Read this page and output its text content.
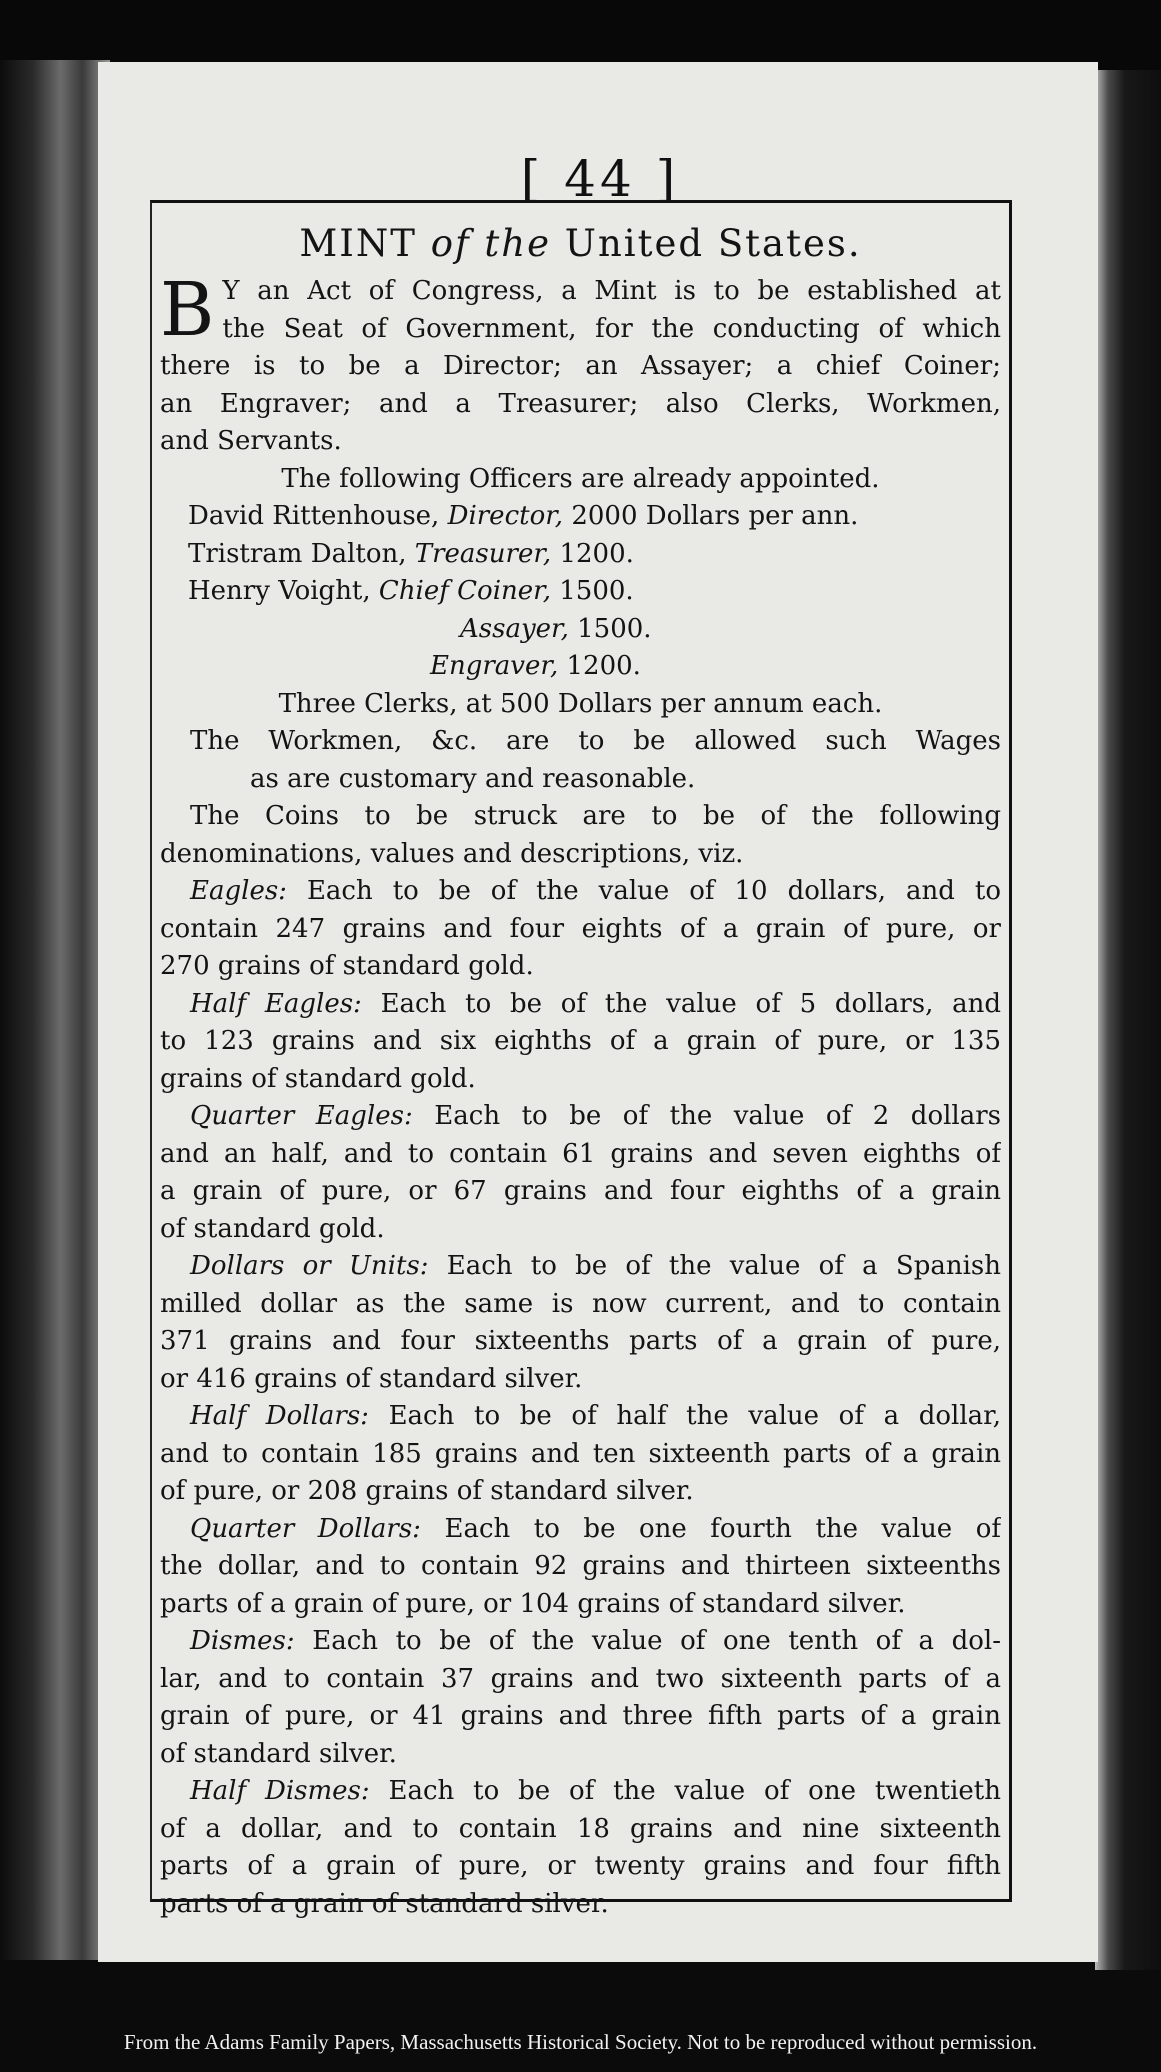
[ 44 ]
MINT of the United States.
B Y an Act of Congress, a Mint is to be established at
the Seat of Government, for the conducting of which
there is to be a Director; an Assayer; a chief Coiner;
an Engraver; and a Treasurer; also Clerks, Workmen,
and Servants.
The following Officers are already appointed.
David Rittenhouse, Director, 2000 Dollars per ann.
Tristram Dalton, Treasurer, 1200.
Henry Voight, Chief Coiner, 1500.
Assayer, 1500.
Engraver, 1200.
Three Clerks, at 500 Dollars per annum each.
The Workmen, &c. are to be allowed such Wages
as are customary and reasonable.
The Coins to be struck are to be of the following
denominations, values and descriptions, viz.
Eagles: Each to be of the value of 10 dollars, and to
contain 247 grains and four eights of a grain of pure, or
270 grains of standard gold.
Half Eagles: Each to be of the value of 5 dollars, and
to 123 grains and six eighths of a grain of pure, or 135
grains of standard gold.
Quarter Eagles: Each to be of the value of 2 dollars
and an half, and to contain 61 grains and seven eighths of
a grain of pure, or 67 grains and four eighths of a grain
of standard gold.
Dollars or Units: Each to be of the value of a Spanish
milled dollar as the same is now current, and to contain
371 grains and four sixteenths parts of a grain of pure,
or 416 grains of standard silver.
Half Dollars: Each to be of half the value of a dollar,
and to contain 185 grains and ten sixteenth parts of a grain
of pure, or 208 grains of standard silver.
Quarter Dollars: Each to be one fourth the value of
the dollar, and to contain 92 grains and thirteen sixteenths
parts of a grain of pure, or 104 grains of standard silver.
Dismes: Each to be of the value of one tenth of a dol-
lar, and to contain 37 grains and two sixteenth parts of a
grain of pure, or 41 grains and three fifth parts of a grain
of standard silver.
Half Dismes: Each to be of the value of one twentieth
of a dollar, and to contain 18 grains and nine sixteenth
parts of a grain of pure, or twenty grains and four fifth
parts of a grain of standard silver.
From the Adams Family Papers, Massachusetts Historical Society. Not to be reproduced without permission.
